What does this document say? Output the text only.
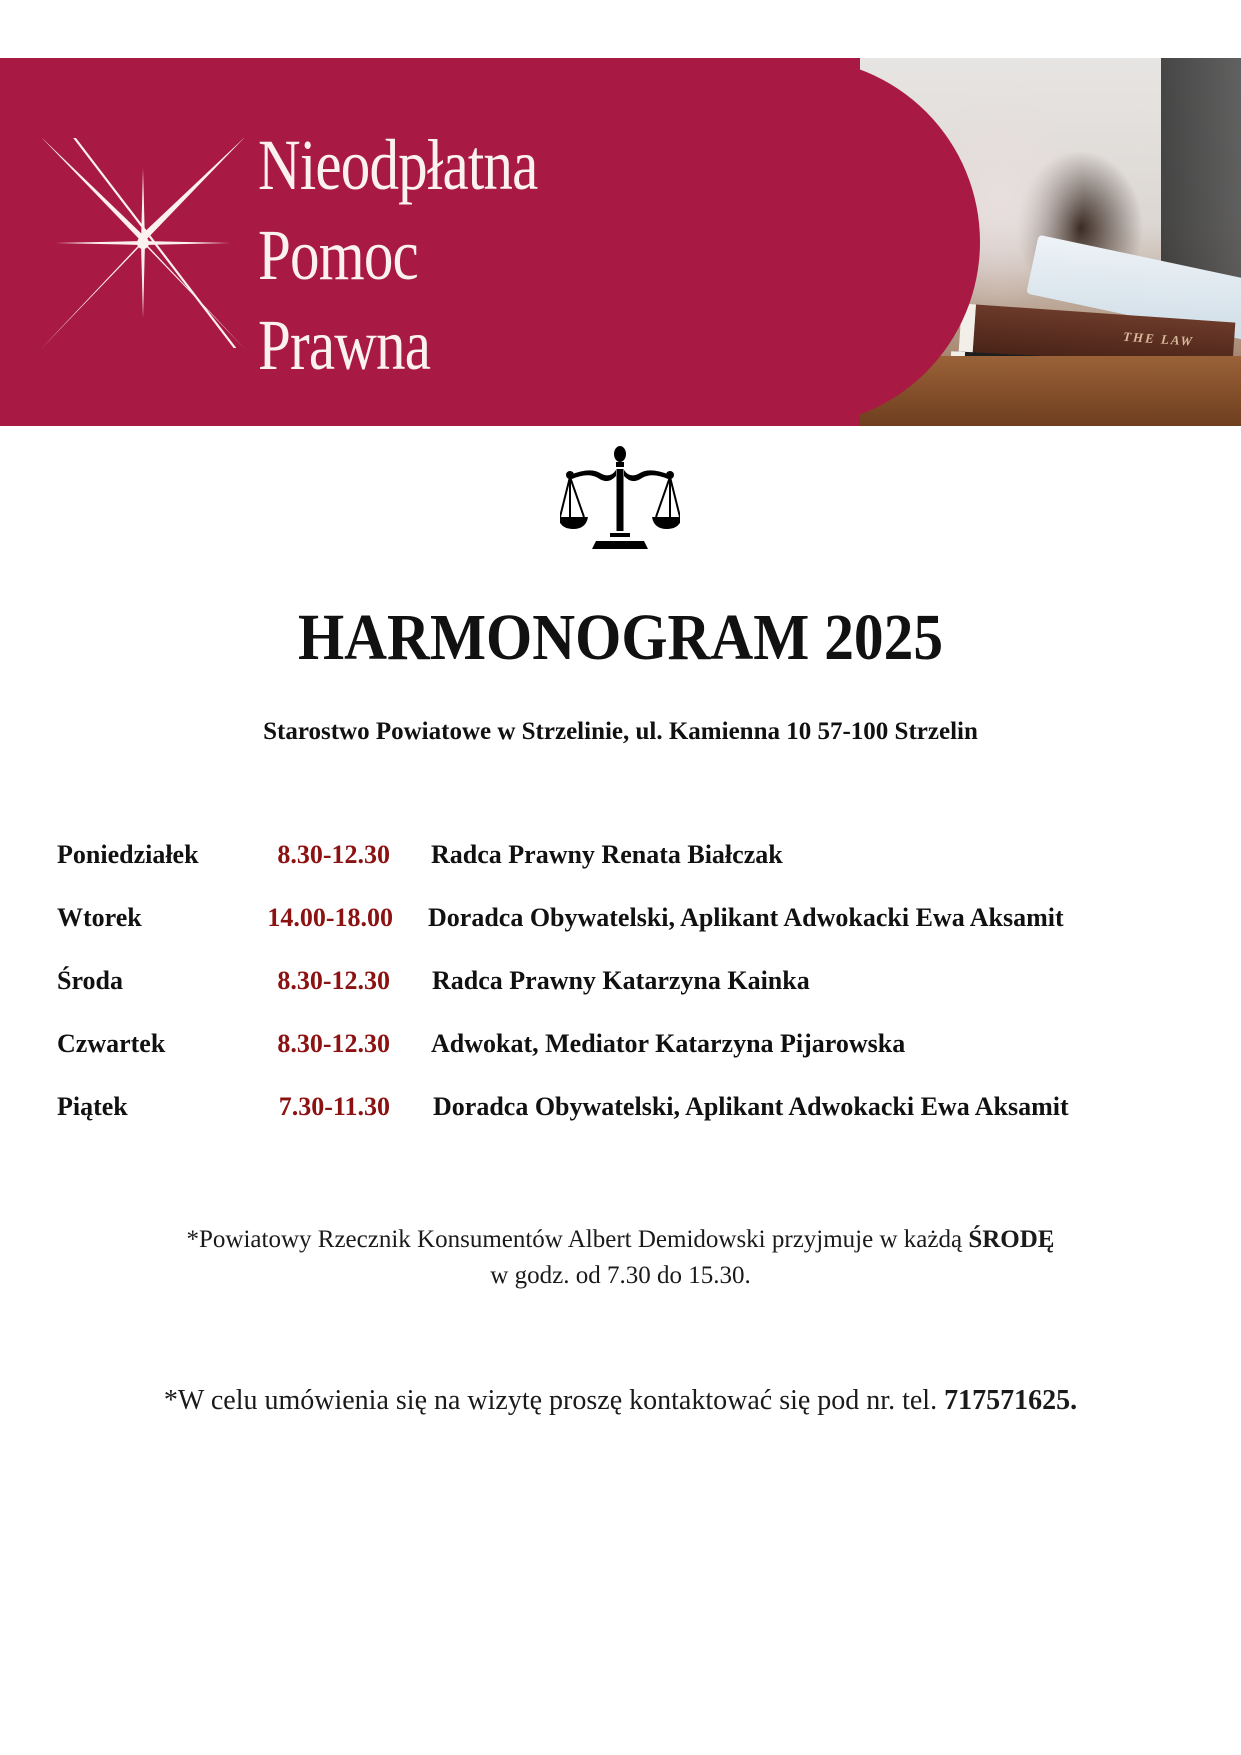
THE LAW
Nieodpłatna
Pomoc
Prawna
HARMONOGRAM 2025
Starostwo Powiatowe w Strzelinie, ul. Kamienna 10 57-100 Strzelin
Poniedziałek	8.30-12.30 Radca Prawny Renata Białczak
Wtorek	14.00-18.00 Doradca Obywatelski, Aplikant Adwokacki Ewa Aksamit
Środa	8.30-12.30 Radca Prawny Katarzyna Kainka
Czwartek	8.30-12.30 Adwokat, Mediator Katarzyna Pijarowska
Piątek	7.30-11.30 Doradca Obywatelski, Aplikant Adwokacki Ewa Aksamit
*Powiatowy Rzecznik Konsumentów Albert Demidowski przyjmuje w każdą ŚRODĘ
w godz. od 7.30 do 15.30.
*W celu umówienia się na wizytę proszę kontaktować się pod nr. tel. 717571625.
